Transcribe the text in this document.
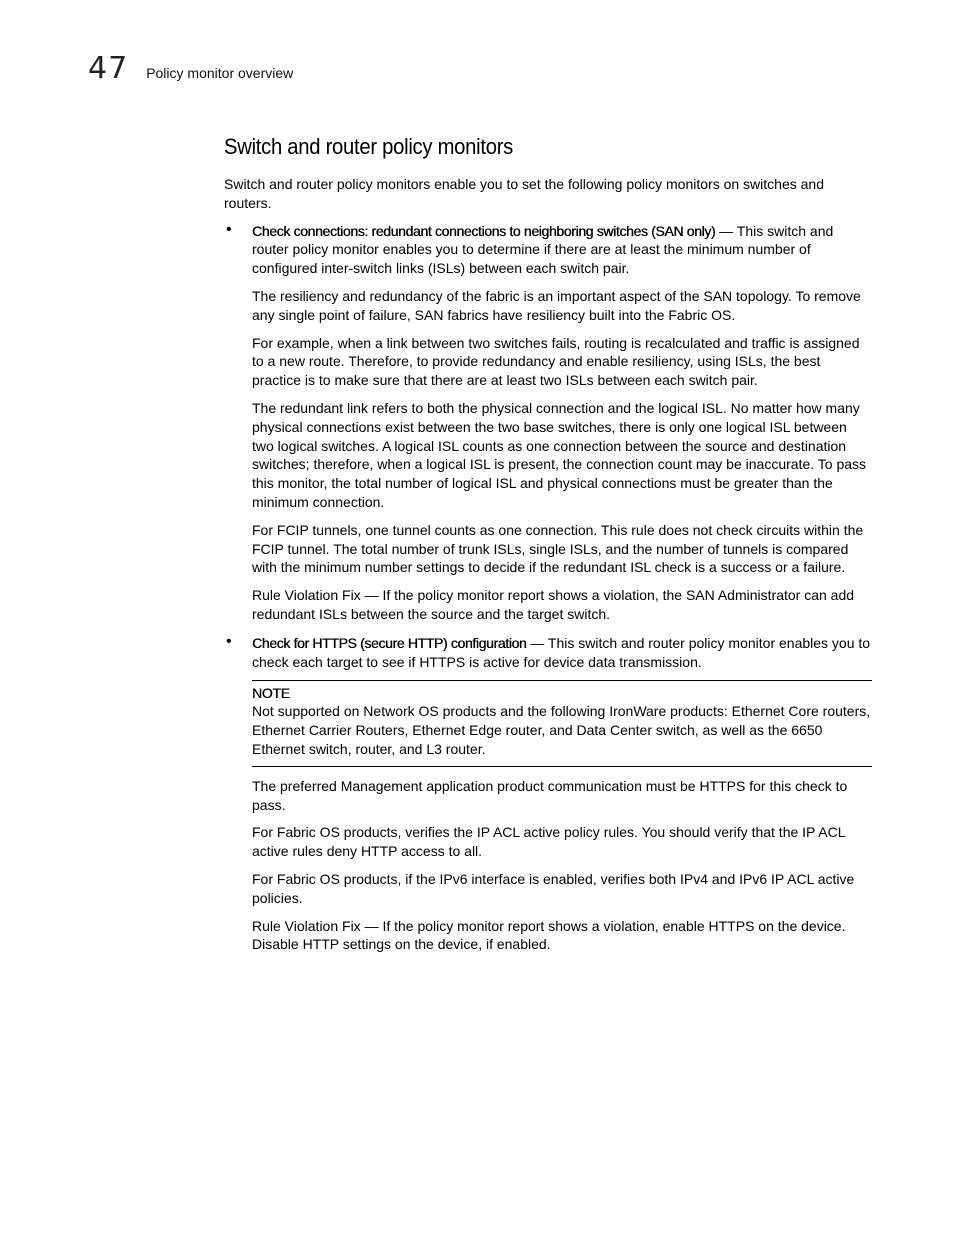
47 Policy monitor overview
Switch and router policy monitors

Switch and router policy monitors enable you to set the following policy monitors on switches and routers.

• Check connections: redundant connections to neighboring switches (SAN only) — This switch and router policy monitor enables you to determine if there are at least the minimum number of configured inter-switch links (ISLs) between each switch pair.

The resiliency and redundancy of the fabric is an important aspect of the SAN topology. To remove any single point of failure, SAN fabrics have resiliency built into the Fabric OS.

For example, when a link between two switches fails, routing is recalculated and traffic is assigned to a new route. Therefore, to provide redundancy and enable resiliency, using ISLs, the best practice is to make sure that there are at least two ISLs between each switch pair.

The redundant link refers to both the physical connection and the logical ISL. No matter how many physical connections exist between the two base switches, there is only one logical ISL between two logical switches. A logical ISL counts as one connection between the source and destination switches; therefore, when a logical ISL is present, the connection count may be inaccurate. To pass this monitor, the total number of logical ISL and physical connections must be greater than the minimum connection.

For FCIP tunnels, one tunnel counts as one connection. This rule does not check circuits within the FCIP tunnel. The total number of trunk ISLs, single ISLs, and the number of tunnels is compared with the minimum number settings to decide if the redundant ISL check is a success or a failure.

Rule Violation Fix — If the policy monitor report shows a violation, the SAN Administrator can add redundant ISLs between the source and the target switch.

• Check for HTTPS (secure HTTP) configuration — This switch and router policy monitor enables you to check each target to see if HTTPS is active for device data transmission.

NOTE
Not supported on Network OS products and the following IronWare products: Ethernet Core routers, Ethernet Carrier Routers, Ethernet Edge router, and Data Center switch, as well as the 6650 Ethernet switch, router, and L3 router.

The preferred Management application product communication must be HTTPS for this check to pass.

For Fabric OS products, verifies the IP ACL active policy rules. You should verify that the IP ACL active rules deny HTTP access to all.

For Fabric OS products, if the IPv6 interface is enabled, verifies both IPv4 and IPv6 IP ACL active policies.

Rule Violation Fix — If the policy monitor report shows a violation, enable HTTPS on the device. Disable HTTP settings on the device, if enabled.
